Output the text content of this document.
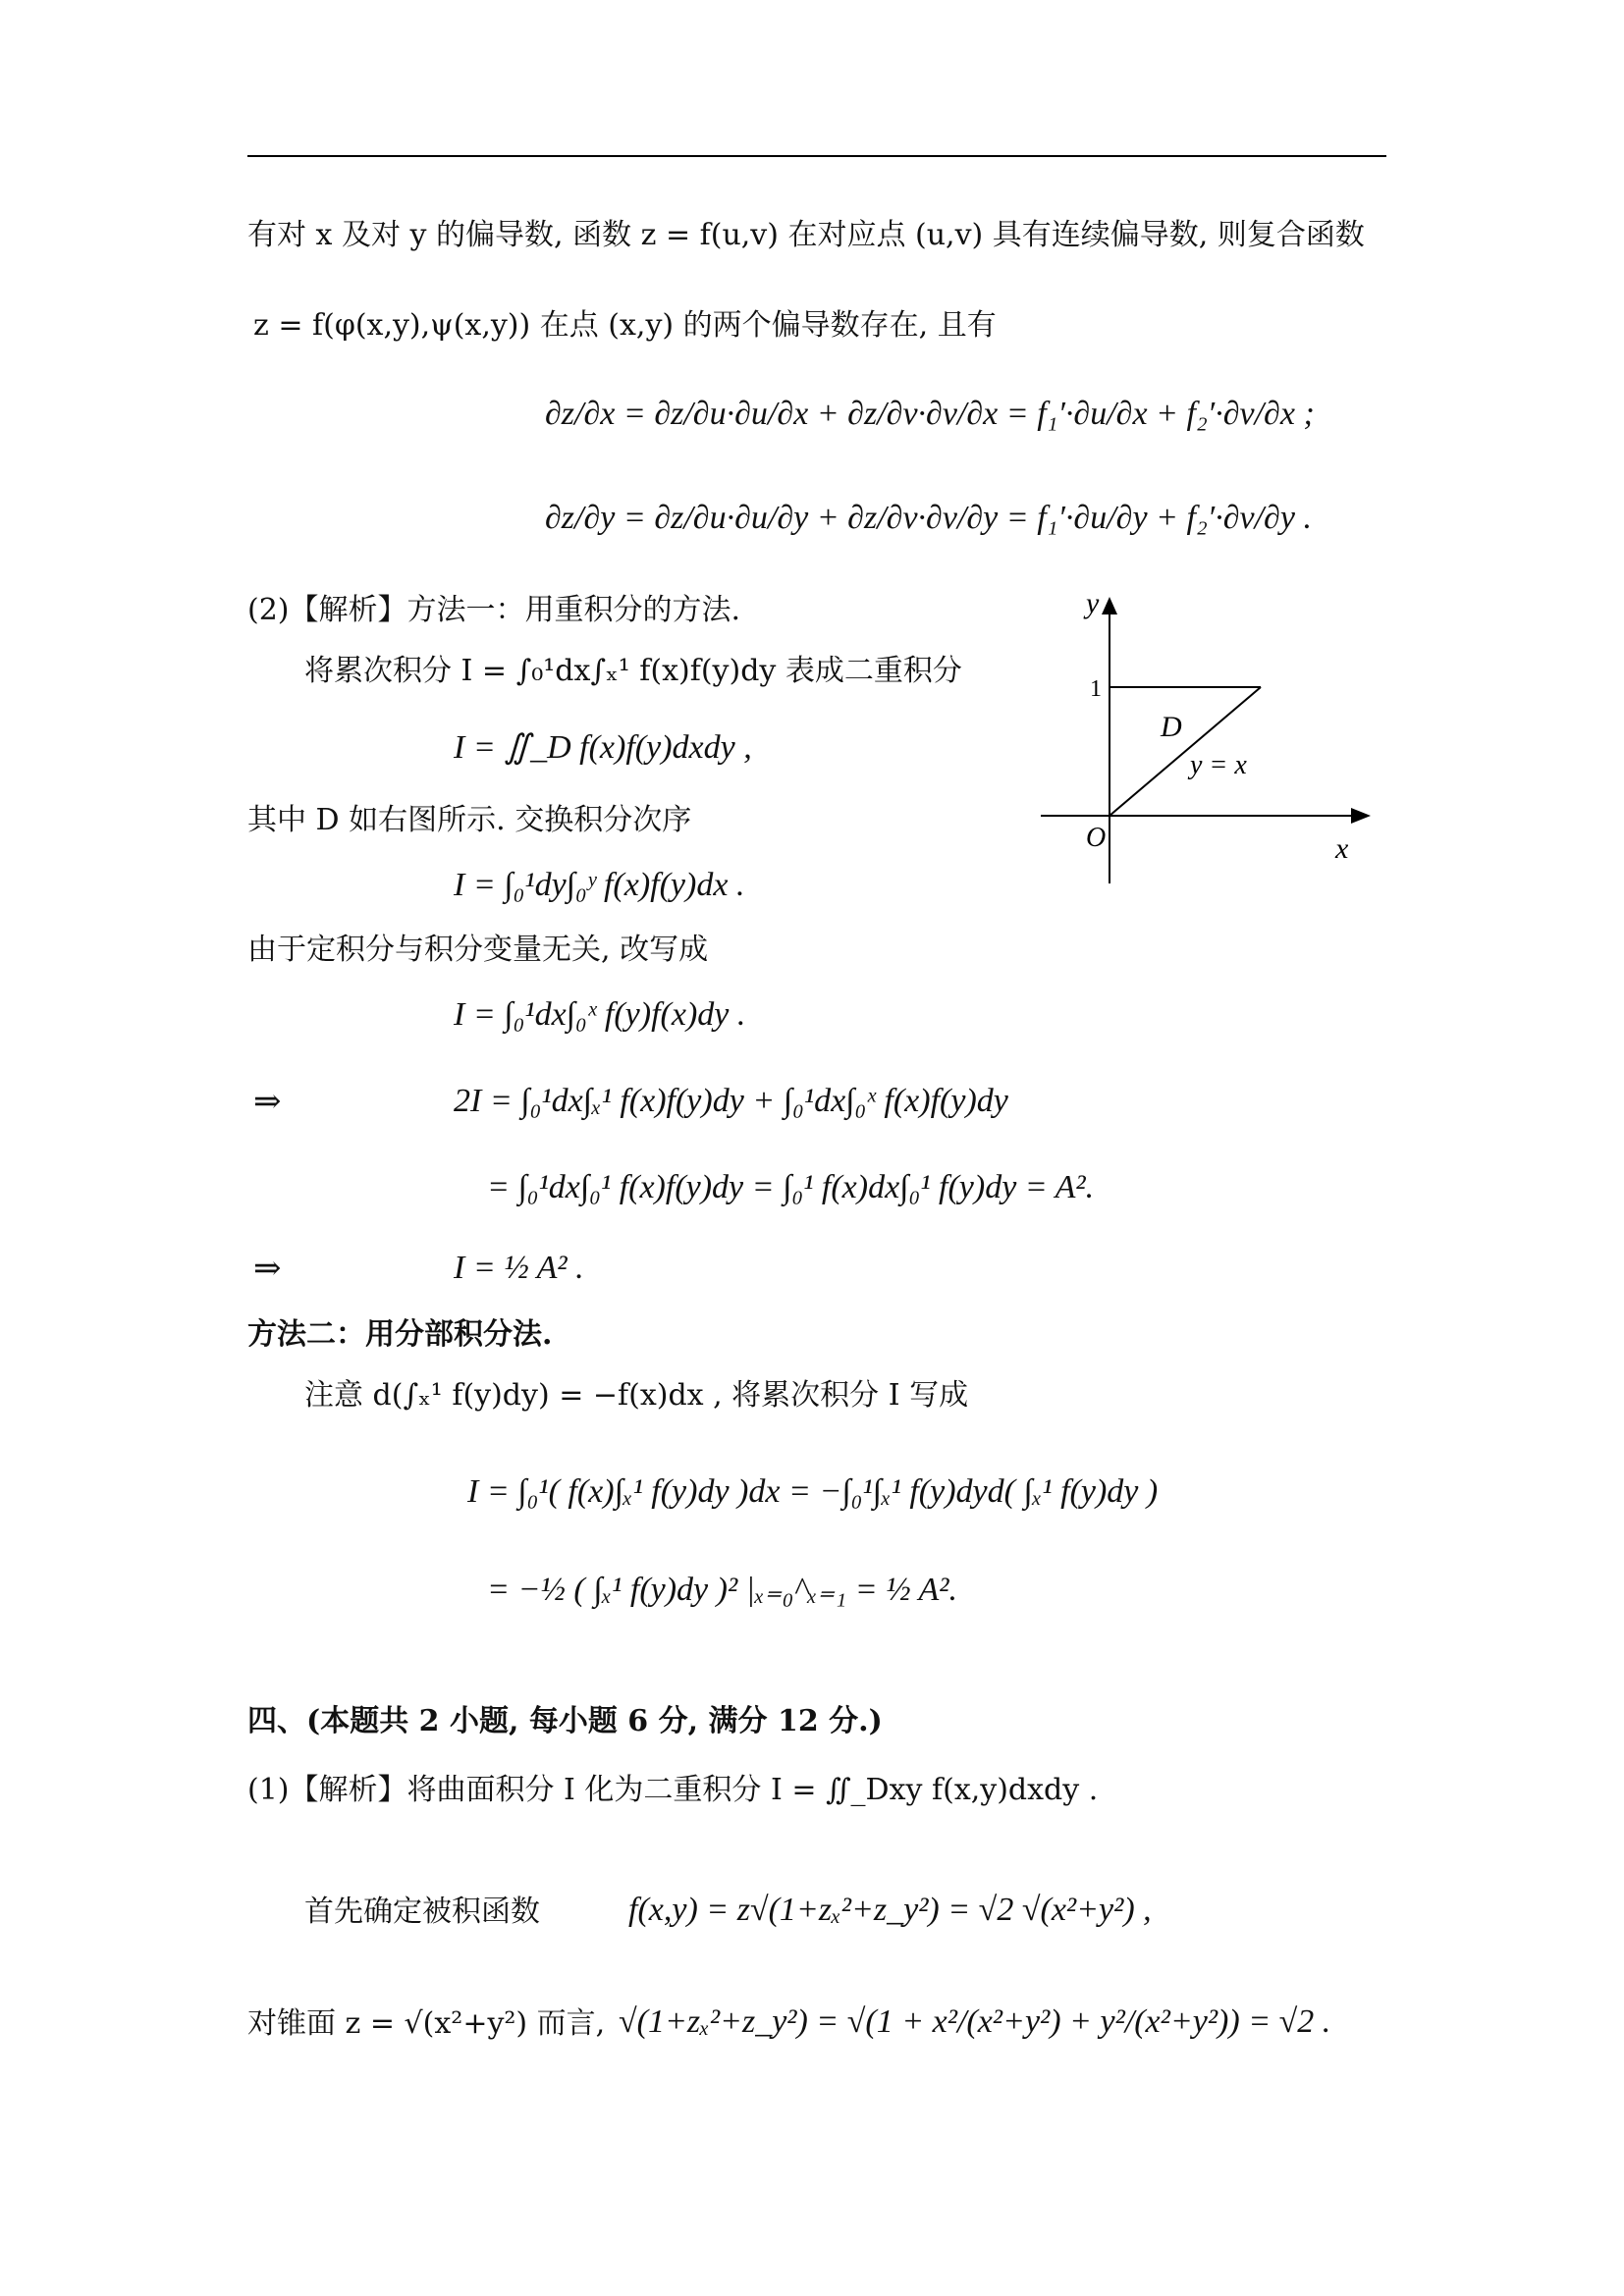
有对 x 及对 y 的偏导数, 函数 z = f(u,v) 在对应点 (u,v) 具有连续偏导数, 则复合函数
z = f(φ(x,y),ψ(x,y)) 在点 (x,y) 的两个偏导数存在, 且有
∂z/∂x = ∂z/∂u·∂u/∂x + ∂z/∂v·∂v/∂x = f₁′·∂u/∂x + f₂′·∂v/∂x ;
∂z/∂y = ∂z/∂u·∂u/∂y + ∂z/∂v·∂v/∂y = f₁′·∂u/∂y + f₂′·∂v/∂y .
(2)【解析】方法一：用重积分的方法.
将累次积分 I = ∫₀¹dx∫ₓ¹ f(x)f(y)dy 表成二重积分
I = ∬_D f(x)f(y)dxdy ,
其中 D 如右图所示. 交换积分次序
I = ∫₀¹dy∫₀ʸ f(x)f(y)dx .
由于定积分与积分变量无关, 改写成
I = ∫₀¹dx∫₀ˣ f(y)f(x)dy .
⇒	2I = ∫₀¹dx∫ₓ¹ f(x)f(y)dy + ∫₀¹dx∫₀ˣ f(x)f(y)dy
= ∫₀¹dx∫₀¹ f(x)f(y)dy = ∫₀¹ f(x)dx∫₀¹ f(y)dy = A².
⇒	I = ½ A² .
方法二：用分部积分法.
注意 d(∫ₓ¹ f(y)dy) = −f(x)dx , 将累次积分 I 写成
I = ∫₀¹( f(x)∫ₓ¹ f(y)dy )dx = −∫₀¹∫ₓ¹ f(y)dyd( ∫ₓ¹ f(y)dy )
= −½ ( ∫ₓ¹ f(y)dy )² |ₓ₌₀^ₓ₌₁ = ½ A².
四、(本题共 2 小题, 每小题 6 分, 满分 12 分.)
(1)【解析】将曲面积分 I 化为二重积分 I = ∬_Dxy f(x,y)dxdy .
首先确定被积函数	f(x,y) = z√(1+zₓ²+z_y²) = √2 √(x²+y²) ,
对锥面 z = √(x²+y²) 而言, √(1+zₓ²+z_y²) = √(1 + x²/(x²+y²) + y²/(x²+y²)) = √2 .
y
x
O
1
D
y = x
